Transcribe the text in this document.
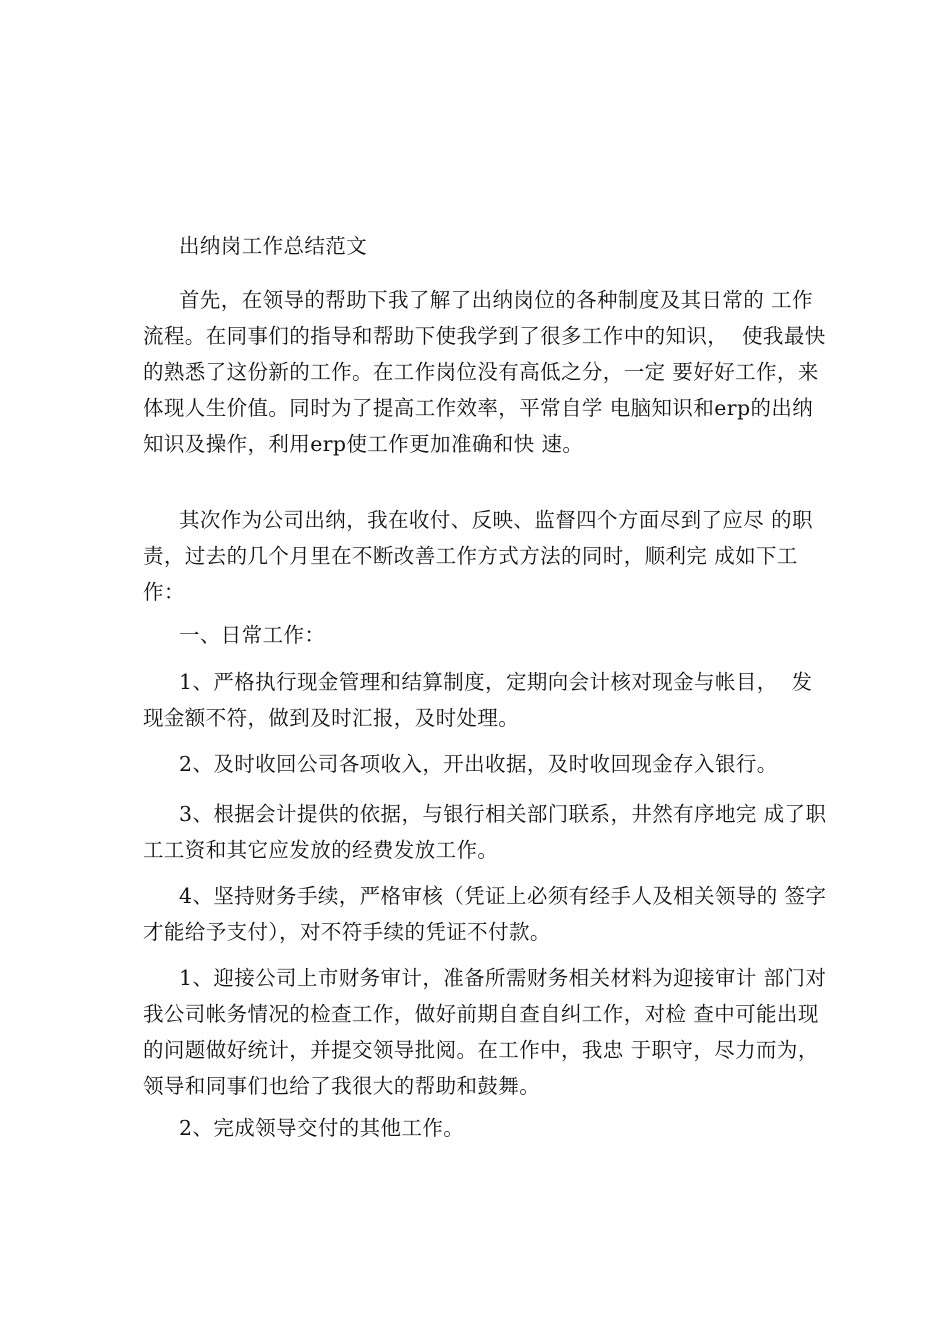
出纳岗工作总结范文

首先，在领导的帮助下我了解了出纳岗位的各种制度及其日常的 工作流程。在同事们的指导和帮助下使我学到了很多工作中的知识，  使我最快的熟悉了这份新的工作。在工作岗位没有高低之分，一定 要好好工作，来体现人生价值。同时为了提高工作效率，平常自学 电脑知识和erp的出纳知识及操作，利用erp使工作更加准确和快 速。

其次作为公司出纳，我在收付、反映、监督四个方面尽到了应尽 的职责，过去的几个月里在不断改善工作方式方法的同时，顺利完 成如下工作：

一、日常工作：

1、严格执行现金管理和结算制度，定期向会计核对现金与帐目，  发现金额不符，做到及时汇报，及时处理。

2、及时收回公司各项收入，开出收据，及时收回现金存入银行。

3、根据会计提供的依据，与银行相关部门联系，井然有序地完 成了职工工资和其它应发放的经费发放工作。

4、坚持财务手续，严格审核（凭证上必须有经手人及相关领导的 签字才能给予支付），对不符手续的凭证不付款。

1、迎接公司上市财务审计，准备所需财务相关材料为迎接审计 部门对我公司帐务情况的检查工作，做好前期自查自纠工作，对检 查中可能出现的问题做好统计，并提交领导批阅。在工作中，我忠 于职守，尽力而为，领导和同事们也给了我很大的帮助和鼓舞。

2、完成领导交付的其他工作。
